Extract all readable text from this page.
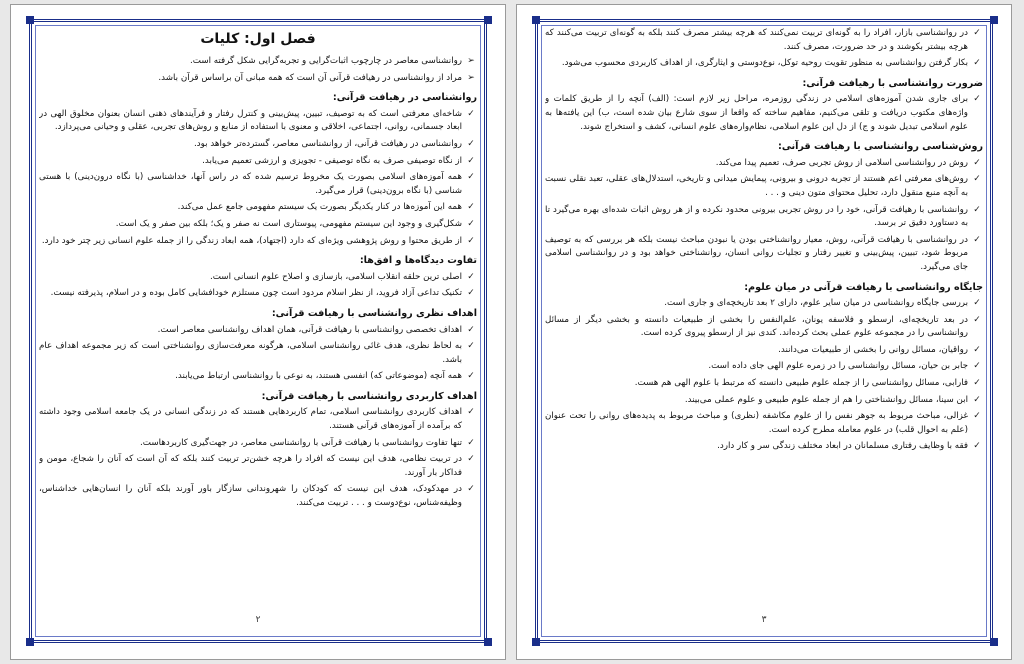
فصل اول: کلیات
➢
روانشناسی معاصر در چارچوب اثبات‌گرایی و تجربه‌گرایی شکل گرفته است.
➢
مراد از روانشناسی در رهیافت قرآنی آن است که همه مبانی آن براساس قرآن باشد.
روانشناسی در رهیافت قرآنی:
✓
شاخه‌ای معرفتی است که به توصیف، تبیین، پیش‌بینی و کنترل رفتار و فرآیندهای ذهنی انسان بعنوان مخلوق الهی در ابعاد جسمانی، روانی، اجتماعی، اخلاقی و معنوی با استفاده از منابع و روش‌های تجربی، عقلی و وحیانی می‌پردازد.
✓
روانشناسی در رهیافت قرآنی، از روانشناسی معاصر، گسترده‌تر خواهد بود.
✓
از نگاه توصیفی صرف به نگاه توصیفی - تجویزی و ارزشی تعمیم می‌یابد.
✓
همه آموزه‌های اسلامی بصورت یک مخروط ترسیم شده که در راس آنها، خداشناسی (با نگاه درون‌دینی) با هستی شناسی (با نگاه برون‌دینی) قرار می‌گیرد.
✓
همه این آموزه‌ها در کنار یکدیگر بصورت یک سیستم مفهومی جامع عمل می‌کند.
✓
شکل‌گیری و وجود این سیستم مفهومی، پیوستاری است نه صفر و یک؛ بلکه بین صفر و یک است.
✓
از طریق محتوا و روش پژوهشی ویژه‌ای که دارد (اجتهاد)، همه ابعاد زندگی را از جمله علوم انسانی زیر چتر خود دارد.
تفاوت دیدگاه‌ها و افق‌ها:
✓
اصلی ترین حلقه انقلاب اسلامی، بازسازی و اصلاح علوم انسانی است.
✓
تکنیک تداعی آزاد فروید، از نظر اسلام مردود است چون مستلزم خودافشایی کامل بوده و در اسلام، پذیرفته نیست.
اهداف نظری روانشناسی با رهیافت قرآنی:
✓
اهداف تخصصی روانشناسی با رهیافت قرآنی، همان اهداف روانشناسی معاصر است.
✓
به لحاظ نظری، هدف غائی روانشناسی اسلامی، هرگونه معرفت‌سازی روانشناختی است که زیر مجموعه اهداف عام باشد.
✓
همه آنچه (موضوعاتی که) انفسی هستند، به نوعی با روانشناسی ارتباط می‌یابند.
اهداف کاربردی روانشناسی با رهیافت قرآنی:
✓
اهداف کاربردی روانشناسی اسلامی، تمام کاربردهایی هستند که در زندگی انسانی در یک جامعه اسلامی وجود داشته که برآمده از آموزه‌های قرآنی هستند.
✓
تنها تفاوت روانشناسی با رهیافت قرآنی با روانشناسی معاصر، در جهت‌گیری کاربردهاست.
✓
در تربیت نظامی، هدف این نیست که افراد را هرچه خشن‌تر تربیت کنند بلکه که آن است که آنان را شجاع، مومن و فداکار بار آورند.
✓
در مهدکودک، هدف این نیست که کودکان را شهروندانی سازگار باور آورند بلکه آنان را انسان‌هایی خداشناس، وظیفه‌شناس، نوع‌دوست و . . . تربیت می‌کنند.
۲
✓
در روانشناسی بازار، افراد را به گونه‌ای تربیت نمی‌کنند که هرچه بیشتر مصرف کنند بلکه به گونه‌ای تربیت می‌کنند که هرچه بیشتر بکوشند و در حد ضرورت، مصرف کنند.
✓
بکار گرفتن روانشناسی به منظور تقویت روحیه توکل، نوع‌دوستی و ایثارگری، از اهداف کاربردی محسوب می‌شود.
ضرورت روانشناسی با رهیافت قرآنی:
✓
برای جاری شدن آموزه‌های اسلامی در زندگی روزمره، مراحل زیر لازم است: (الف) آنچه را از طریق کلمات و واژه‌های مکتوب دریافت و تلقی می‌کنیم، مفاهیم ساخته که واقعا از سوی شارع بیان شده است، ب) این یافته‌ها به علوم اسلامی تبدیل شوند و ج) از دل این علوم اسلامی، نظام‌واره‌های علوم انسانی، کشف و استخراج شوند.
روش‌شناسی روانشناسی با رهیافت قرآنی:
✓
روش در روانشناسی اسلامی از روش تجربی صرف، تعمیم پیدا می‌کند.
✓
روش‌های معرفتی اعم هستند از تجربه درونی و بیرونی، پیمایش میدانی و تاریخی، استدلال‌های عقلی، تعبد نقلی نسبت به آنچه منبع منقول دارد، تحلیل محتوای متون دینی و . . .
✓
روانشناسی با رهیافت قرآنی، خود را در روش تجربی بیرونی محدود نکرده و از هر روش اثبات شده‌ای بهره می‌گیرد تا به دستاورد دقیق تر برسد.
✓
در روانشناسی با رهیافت قرآنی، روش، معیار روانشناختی بودن یا نبودن مباحث نیست بلکه هر بررسی که به توصیف مربوط شود، تبیین، پیش‌بینی و تغییر رفتار و تجلیات روانی انسان، روانشناختی خواهد بود و در روانشناسی اسلامی جای می‌گیرد.
جایگاه روانشناسی با رهیافت قرآنی در میان علوم:
✓
بررسی جایگاه روانشناسی در میان سایر علوم، دارای ۲ بعد تاریخچه‌ای و جاری است.
✓
در بعد تاریخچه‌ای، ارسطو و فلاسفه یونان، علم‌النفس را بخشی از طبیعیات دانسته و بخشی دیگر از مسائل روانشناسی را در مجموعه علوم عملی بحث کرده‌اند. کندی نیز از ارسطو پیروی کرده است.
✓
رواقیان، مسائل روانی را بخشی از طبیعیات می‌دانند.
✓
جابر بن حیان، مسائل روانشناسی را در زمره علوم الهی جای داده است.
✓
فارابی، مسائل روانشناسی را از جمله علوم طبیعی دانسته که مرتبط با علوم الهی هم هست.
✓
ابن سینا، مسائل روانشناختی را هم از جمله علوم طبیعی و علوم عملی می‌بیند.
✓
غزالی، مباحث مربوط به جوهر نفس را از علوم مکاشفه (نظری) و مباحث مربوط به پدیده‌های روانی را تحت عنوان (علم به احوال قلب) در علوم معامله مطرح کرده است.
✓
فقه با وظایف رفتاری مسلمانان در ابعاد مختلف زندگی سر و کار دارد.
۳
